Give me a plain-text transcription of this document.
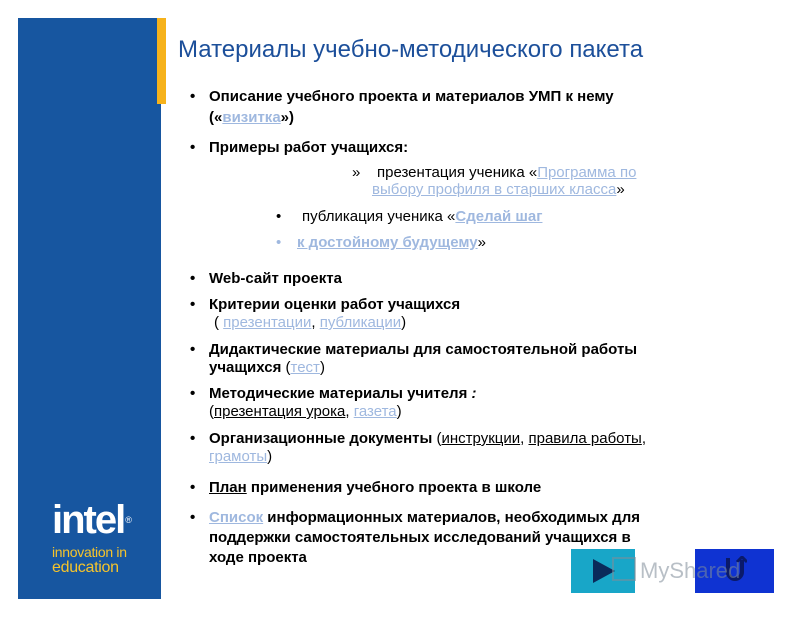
intel®
innovation in
education
Материалы учебно-методического пакета
• Описание учебного проекта и материалов УМП к нему
(«визитка»)
• Примеры работ учащихся:
» презентация ученика «Программа по
выбору профиля в старших класса»
• публикация ученика «Сделай шаг
• к достойному будущему»
• Web-сайт проекта
• Критерии оценки работ учащихся
( презентации, публикации)
• Дидактические материалы для самостоятельной работы
учащихся (тест)
• Методические материалы учителя :
(презентация урока, газета)
• Организационные документы (инструкции, правила работы,
грамоты)
• План применения учебного проекта в школе
• Список информационных материалов, необходимых для
поддержки самостоятельных исследований учащихся в
ходе проекта
MyShared
